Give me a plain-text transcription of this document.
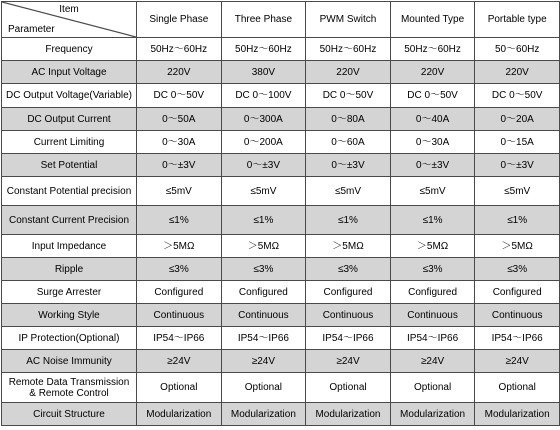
Item
Parameter	Single Phase	Three Phase	PWM Switch	Mounted Type	Portable type
Frequency	50Hz～60Hz	50Hz～60Hz	50Hz～60Hz	50Hz～60Hz	50～60Hz
AC Input Voltage	220V	380V	220V	220V	220V
DC Output Voltage(Variable)	DC 0～50V	DC 0～100V	DC 0～50V	DC 0～50V	DC 0～50V
DC Output Current	0～50A	0～300A	0～80A	0～40A	0～20A
Current Limiting	0～30A	0～200A	0～60A	0～30A	0～15A
Set Potential	0～±3V	0～±3V	0～±3V	0～±3V	0～±3V
Constant Potential precision	≤5mV	≤5mV	≤5mV	≤5mV	≤5mV
Constant Current Precision	≤1%	≤1%	≤1%	≤1%	≤1%
Input Impedance	＞5MΩ	＞5MΩ	＞5MΩ	＞5MΩ	＞5MΩ
Ripple	≤3%	≤3%	≤3%	≤3%	≤3%
Surge Arrester	Configured	Configured	Configured	Configured	Configured
Working Style	Continuous	Continuous	Continuous	Continuous	Continuous
IP Protection(Optional)	IP54～IP66	IP54～IP66	IP54～IP66	IP54～IP66	IP54～IP66
AC Noise Immunity	≥24V	≥24V	≥24V	≥24V	≥24V
Remote Data Transmission & Remote Control	Optional	Optional	Optional	Optional	Optional
Circuit Structure	Modularization	Modularization	Modularization	Modularization	Modularization
